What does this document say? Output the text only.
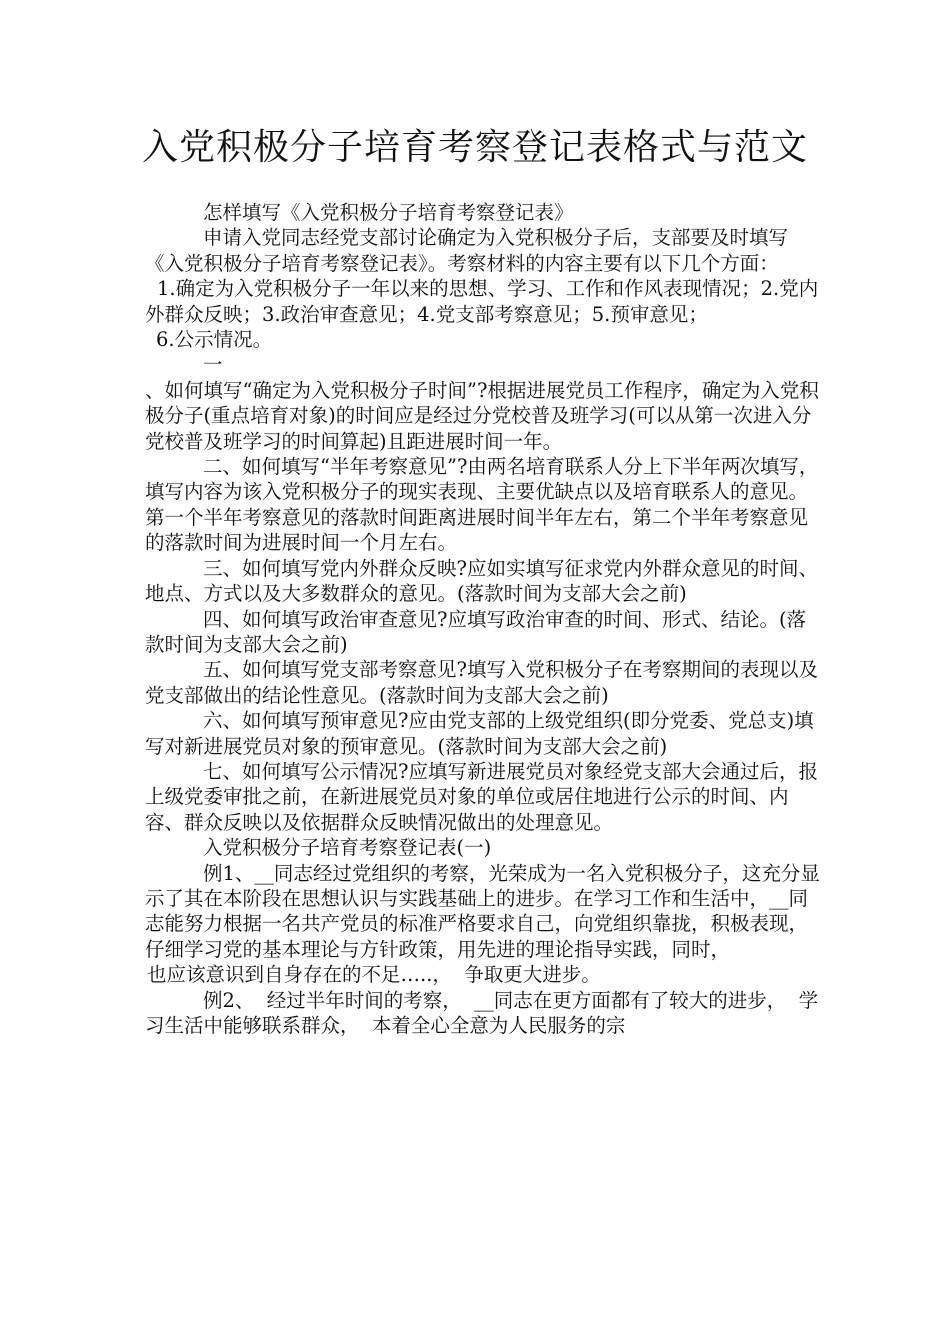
入党积极分子培育考察登记表格式与范文

怎样填写《入党积极分子培育考察登记表》

申请入党同志经党支部讨论确定为入党积极分子后，支部要及时填写《入党积极分子培育考察登记表》。考察材料的内容主要有以下几个方面：

1.确定为入党积极分子一年以来的思想、学习、工作和作风表现情况；2.党内外群众反映；3.政治审查意见；4.党支部考察意见；5.预审意见；

6.公示情况。

一

、如何填写“确定为入党积极分子时间”?根据进展党员工作程序，确定为入党积极分子(重点培育对象)的时间应是经过分党校普及班学习(可以从第一次进入分党校普及班学习的时间算起)且距进展时间一年。

二、如何填写“半年考察意见”?由两名培育联系人分上下半年两次填写，填写内容为该入党积极分子的现实表现、主要优缺点以及培育联系人的意见。第一个半年考察意见的落款时间距离进展时间半年左右，第二个半年考察意见的落款时间为进展时间一个月左右。

三、如何填写党内外群众反映?应如实填写征求党内外群众意见的时间、地点、方式以及大多数群众的意见。(落款时间为支部大会之前)

四、如何填写政治审查意见?应填写政治审查的时间、形式、结论。(落款时间为支部大会之前)

五、如何填写党支部考察意见?填写入党积极分子在考察期间的表现以及党支部做出的结论性意见。(落款时间为支部大会之前)

六、如何填写预审意见?应由党支部的上级党组织(即分党委、党总支)填写对新进展党员对象的预审意见。(落款时间为支部大会之前)

七、如何填写公示情况?应填写新进展党员对象经党支部大会通过后，报上级党委审批之前，在新进展党员对象的单位或居住地进行公示的时间、内容、群众反映以及依据群众反映情况做出的处理意见。

入党积极分子培育考察登记表(一)

例1、__同志经过党组织的考察，光荣成为一名入党积极分子，这充分显示了其在本阶段在思想认识与实践基础上的进步。在学习工作和生活中，__同志能努力根据一名共产党员的标准严格要求自己，向党组织靠拢，积极表现，仔细学习党的基本理论与方针政策，用先进的理论指导实践，同时，

也应该意识到自身存在的不足…..，  争取更大进步。

例2、  经过半年时间的考察，  __同志在更方面都有了较大的进步，  学习生活中能够联系群众，  本着全心全意为人民服务的宗
